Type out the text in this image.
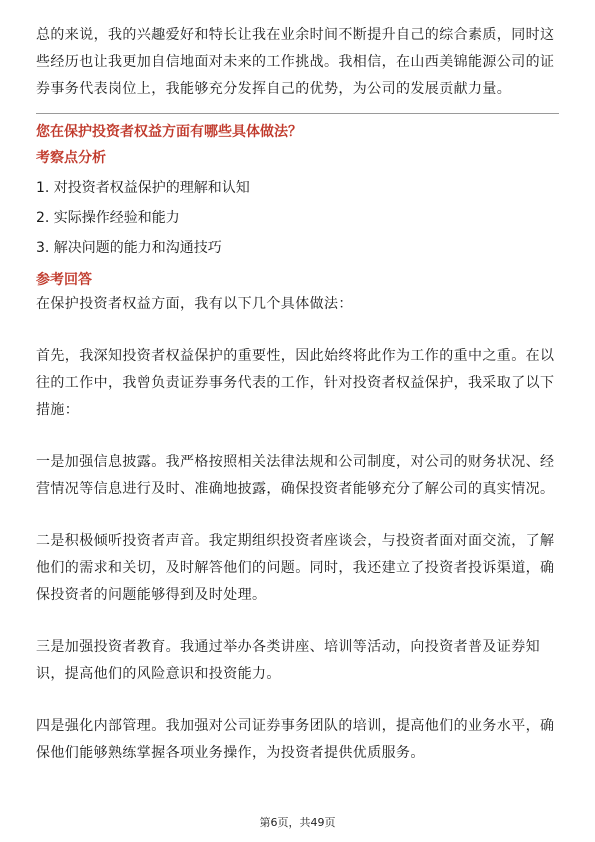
总的来说，我的兴趣爱好和特长让我在业余时间不断提升自己的综合素质，同时这些经历也让我更加自信地面对未来的工作挑战。我相信，在山西美锦能源公司的证券事务代表岗位上，我能够充分发挥自己的优势，为公司的发展贡献力量。

您在保护投资者权益方面有哪些具体做法？

考察点分析

1. 对投资者权益保护的理解和认知
2. 实际操作经验和能力
3. 解决问题的能力和沟通技巧

参考回答

在保护投资者权益方面，我有以下几个具体做法：

首先，我深知投资者权益保护的重要性，因此始终将此作为工作的重中之重。在以往的工作中，我曾负责证券事务代表的工作，针对投资者权益保护，我采取了以下措施：

一是加强信息披露。我严格按照相关法律法规和公司制度，对公司的财务状况、经营情况等信息进行及时、准确地披露，确保投资者能够充分了解公司的真实情况。

二是积极倾听投资者声音。我定期组织投资者座谈会，与投资者面对面交流，了解他们的需求和关切，及时解答他们的问题。同时，我还建立了投资者投诉渠道，确保投资者的问题能够得到及时处理。

三是加强投资者教育。我通过举办各类讲座、培训等活动，向投资者普及证券知识，提高他们的风险意识和投资能力。

四是强化内部管理。我加强对公司证券事务团队的培训，提高他们的业务水平，确保他们能够熟练掌握各项业务操作，为投资者提供优质服务。

第6页，共49页
